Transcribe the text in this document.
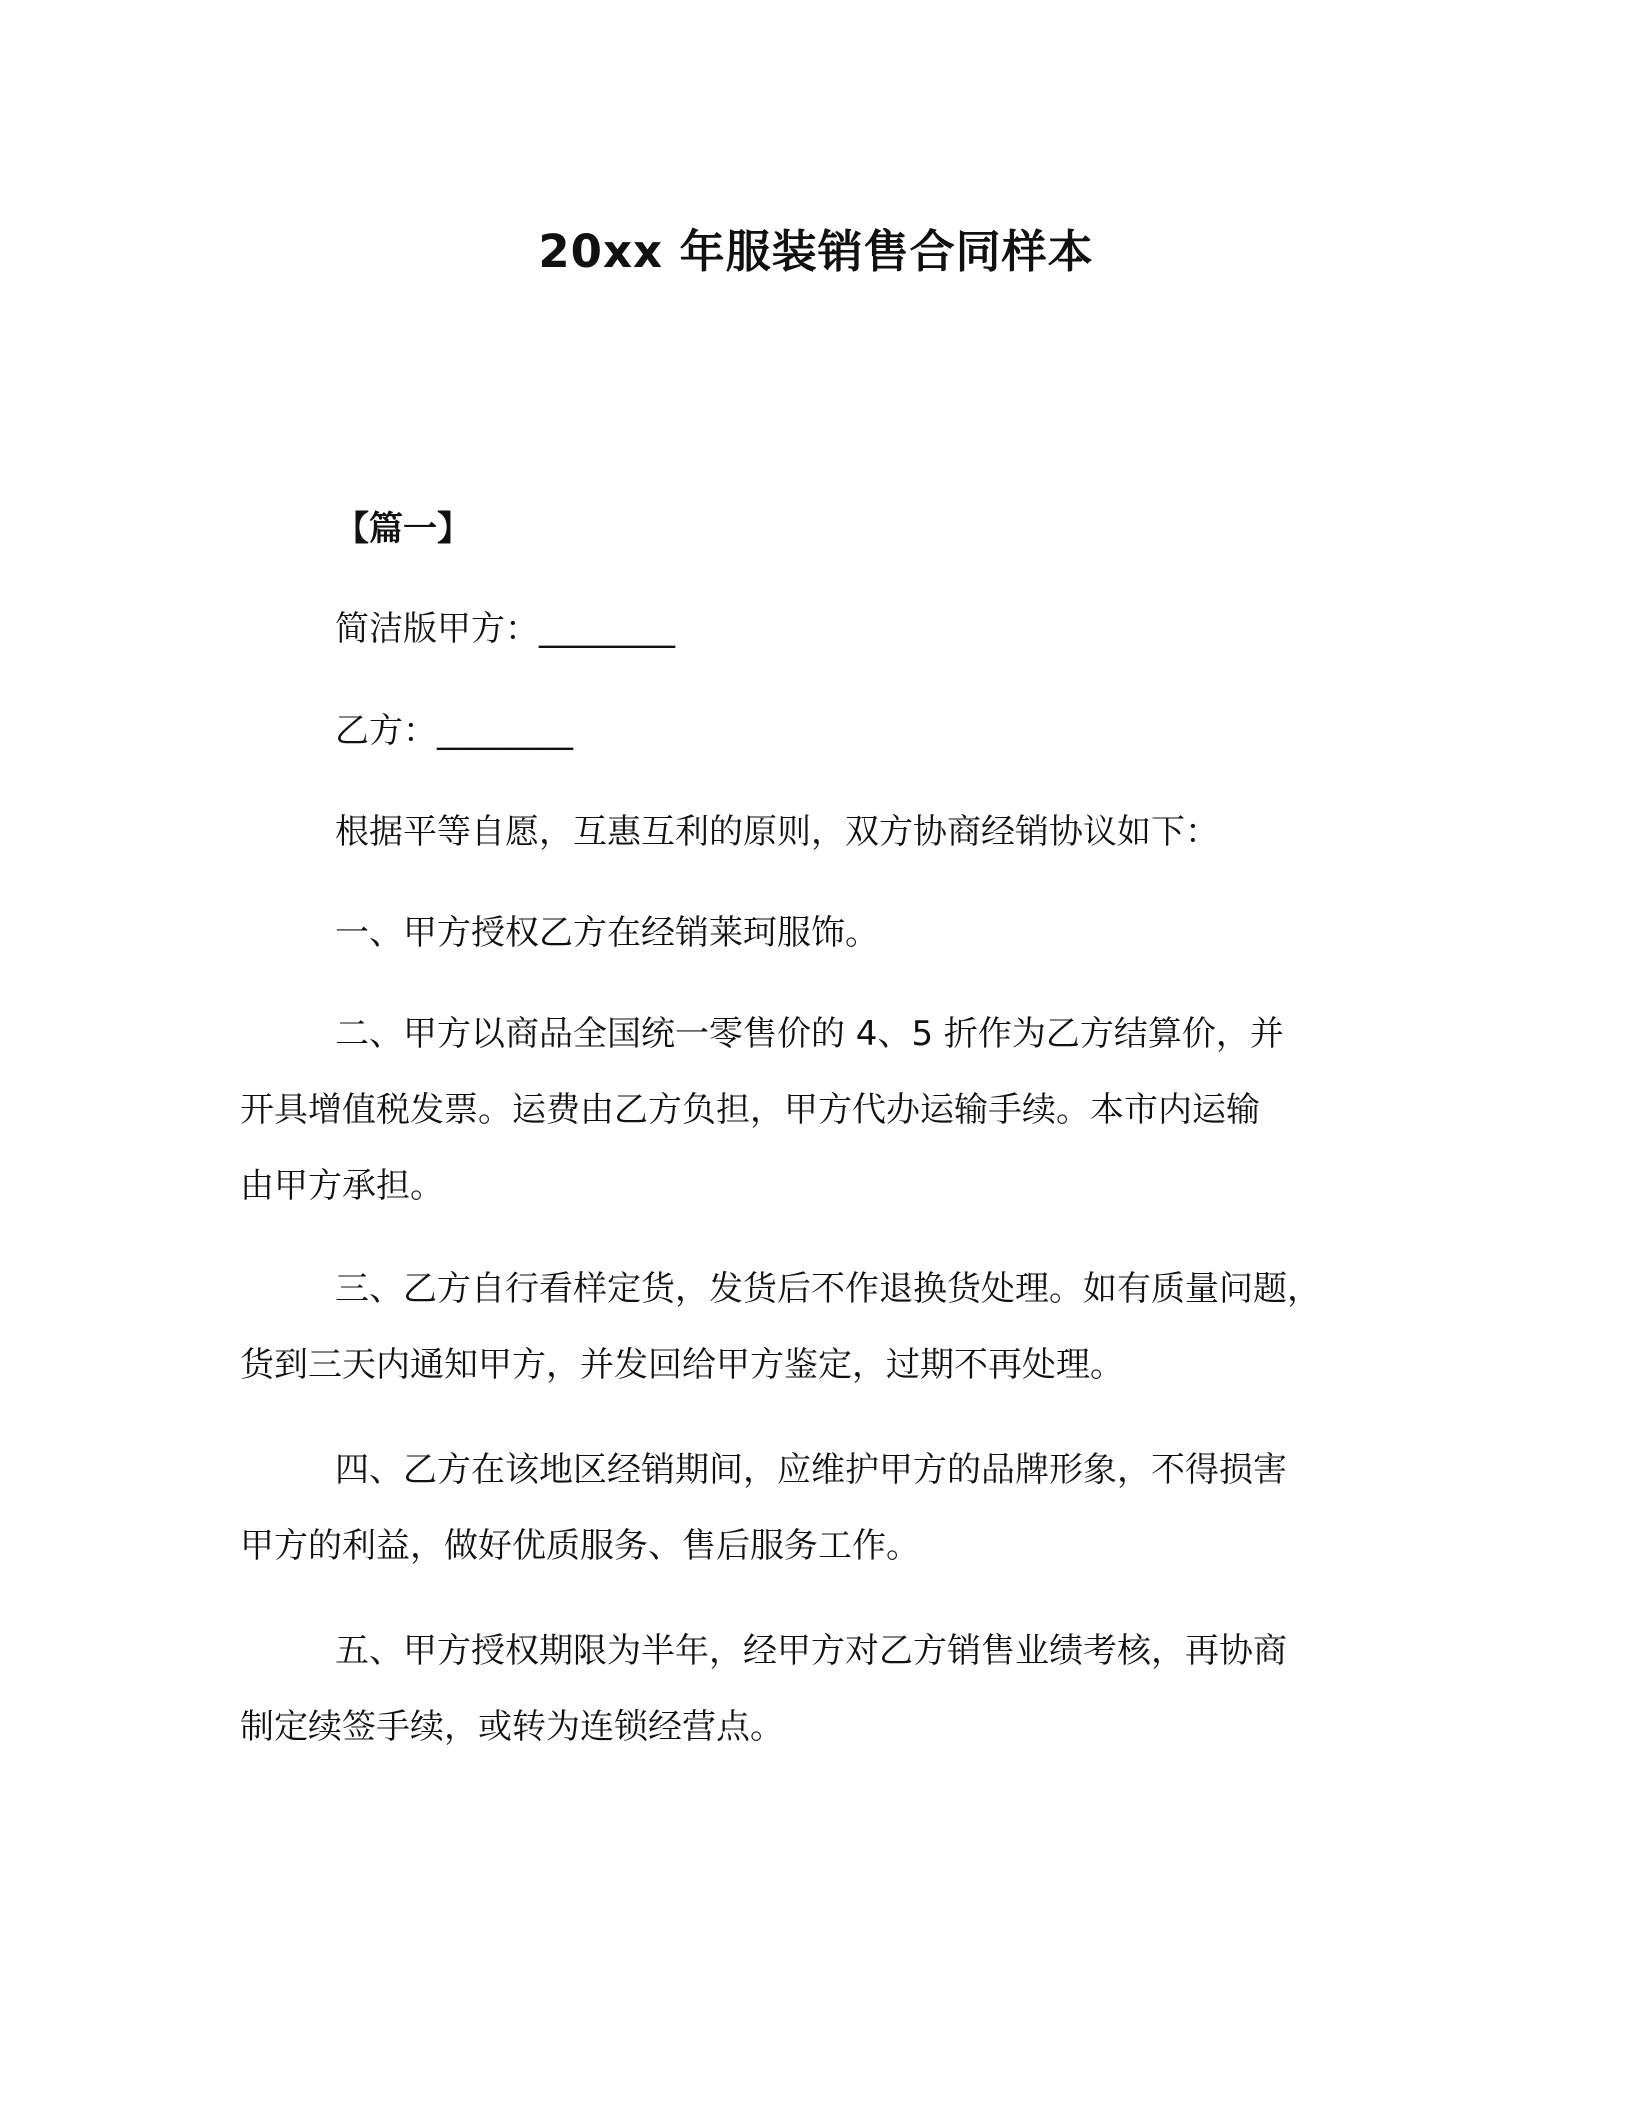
20xx 年服装销售合同样本

【篇一】

简洁版甲方：________

乙方：________

根据平等自愿，互惠互利的原则，双方协商经销协议如下：

一、甲方授权乙方在经销莱珂服饰。

二、甲方以商品全国统一零售价的 4、5 折作为乙方结算价，并
开具增值税发票。运费由乙方负担，甲方代办运输手续。本市内运输
由甲方承担。
三、乙方自行看样定货，发货后不作退换货处理。如有质量问题，
货到三天内通知甲方，并发回给甲方鉴定，过期不再处理。
四、乙方在该地区经销期间，应维护甲方的品牌形象，不得损害
甲方的利益，做好优质服务、售后服务工作。
五、甲方授权期限为半年，经甲方对乙方销售业绩考核，再协商
制定续签手续，或转为连锁经营点。
